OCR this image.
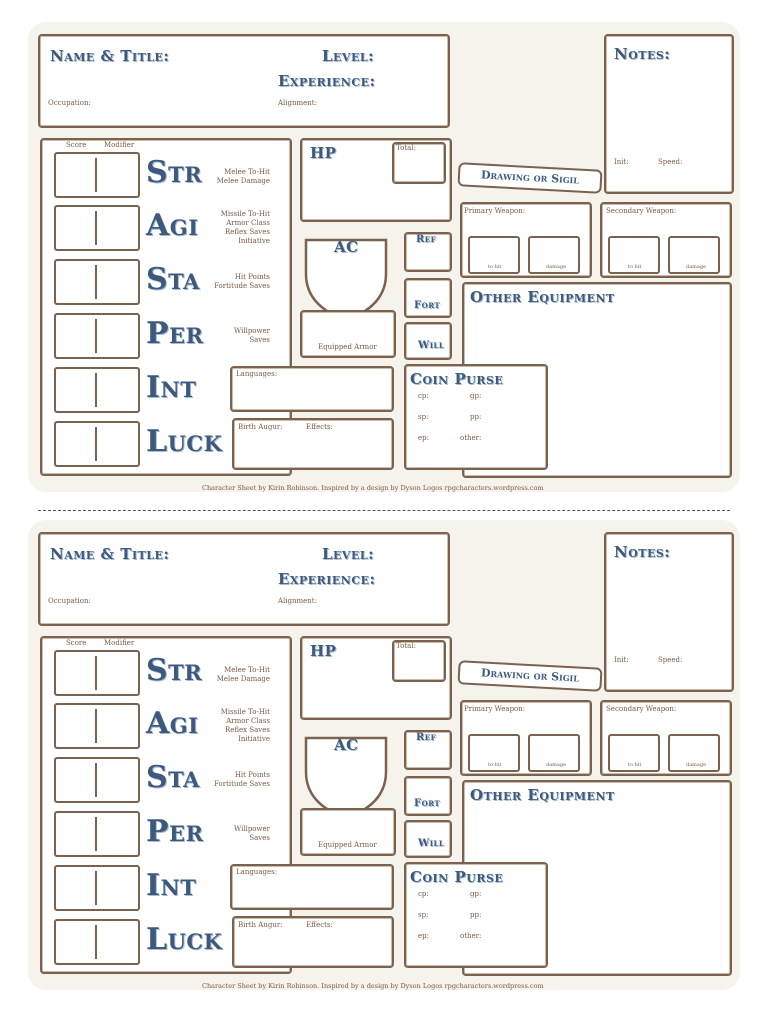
Name & Title:	Level:
Experience:
Occupation:	Alignment:
Notes:
Init:	Speed:
Score	Modifier
Str	Melee To-Hit
Melee Damage
Agi	Missile To-Hit
Armor Class
Reflex Saves
Initiative
Sta	Hit Points
Fortitude Saves
Per	Willpower
Saves
Int
Luck
HP	Total:
Drawing or Sigil
AC
Equipped Armor
Ref
Fort
Will
Primary Weapon:
to hit	damage
Secondary Weapon:
to hit	damage
Other Equipment
Languages:
Birth Augur:	Effects:
Coin Purse
cp:	gp:
sp:	pp:
ep:	other:
Character Sheet by Kirin Robinson. Inspired by a design by Dyson Logos rpgcharacters.wordpress.com
Name & Title:	Level:
Experience:
Occupation:	Alignment:
Notes:
Init:	Speed:
Score	Modifier
Str	Melee To-Hit
Melee Damage
Agi	Missile To-Hit
Armor Class
Reflex Saves
Initiative
Sta	Hit Points
Fortitude Saves
Per	Willpower
Saves
Int
Luck
HP	Total:
Drawing or Sigil
AC
Equipped Armor
Ref
Fort
Will
Primary Weapon:
to hit	damage
Secondary Weapon:
to hit	damage
Other Equipment
Languages:
Birth Augur:	Effects:
Coin Purse
cp:	gp:
sp:	pp:
ep:	other:
Character Sheet by Kirin Robinson. Inspired by a design by Dyson Logos rpgcharacters.wordpress.com
